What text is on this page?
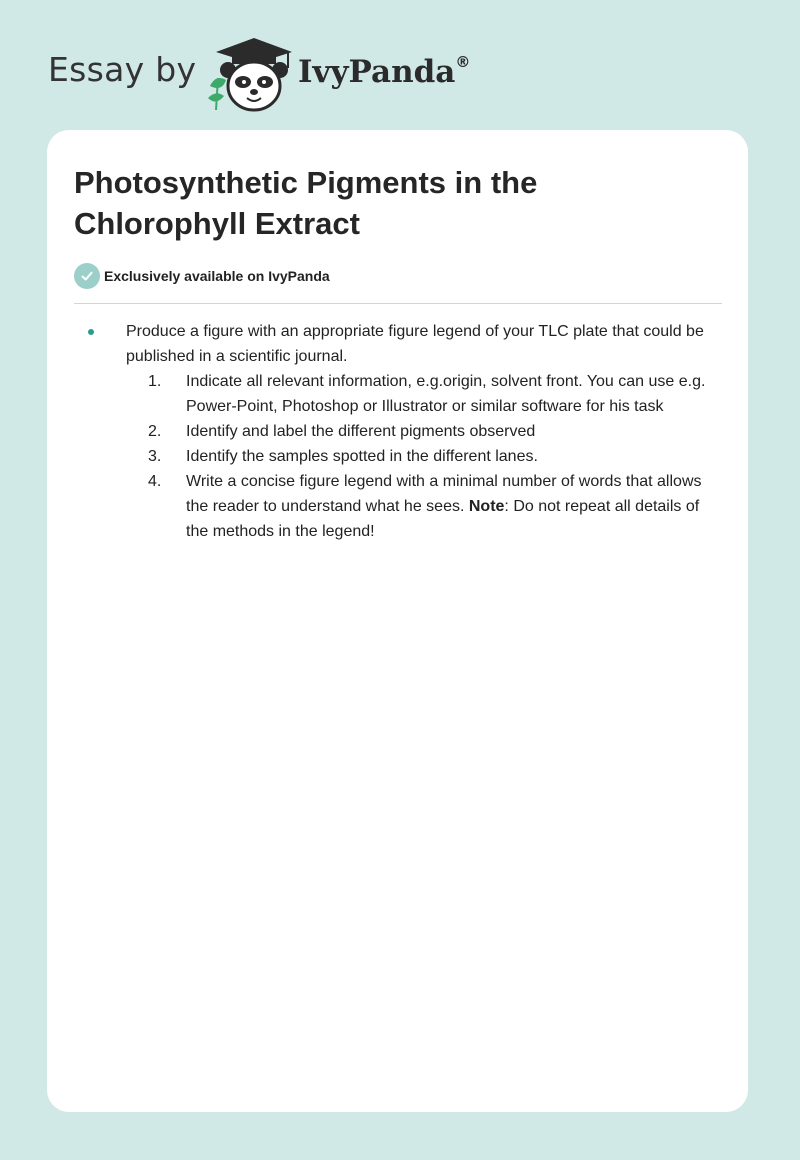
Essay by	IvyPanda®
Photosynthetic Pigments in the Chlorophyll Extract
Exclusively available on IvyPanda
Produce a figure with an appropriate figure legend of your TLC plate that could be published in a scientific journal.
1. Indicate all relevant information, e.g.origin, solvent front. You can use e.g. Power-Point, Photoshop or Illustrator or similar software for his task
2. Identify and label the different pigments observed
3. Identify the samples spotted in the different lanes.
4. Write a concise figure legend with a minimal number of words that allows the reader to understand what he sees. Note: Do not repeat all details of the methods in the legend!
